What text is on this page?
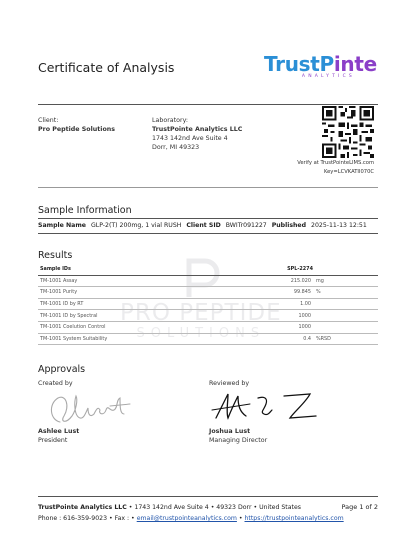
Certificate of Analysis	TrustPinte
ANALYTICS
Client:
Pro Peptide Solutions
Laboratory:
TrustPointe Analytics LLC
1743 142nd Ave Suite 4
Dorr, MI 49323
Verify at TrustPointeLIMS.com
Key=LCVKATII070C
Sample Information
Sample Name GLP-2(T) 200mg, 1 vial RUSH Client SID BWITr091227 Published 2025-11-13 12:51
PRO PEPTIDE
SOLUTIONS
Results
Sample IDs	SPL-2274	
TM-1001 Assay	215.020	mg
TM-1001 Purity	99.845	%
TM-1001 ID by RT	1.00	
TM-1001 ID by Spectral	1000	
TM-1001 Coelution Control	1000	
TM-1001 System Suitability	0.4	%RSD
Approvals
Created by	Reviewed by
Ashlee Lust
President
Joshua Lust
Managing Director
TrustPointe Analytics LLC • 1743 142nd Ave Suite 4 • 49323 Dorr • United States
Phone : 616-359-9023 • Fax : • email@trustpointeanalytics.com • https://trustpointeanalytics.com
Page 1 of 2
